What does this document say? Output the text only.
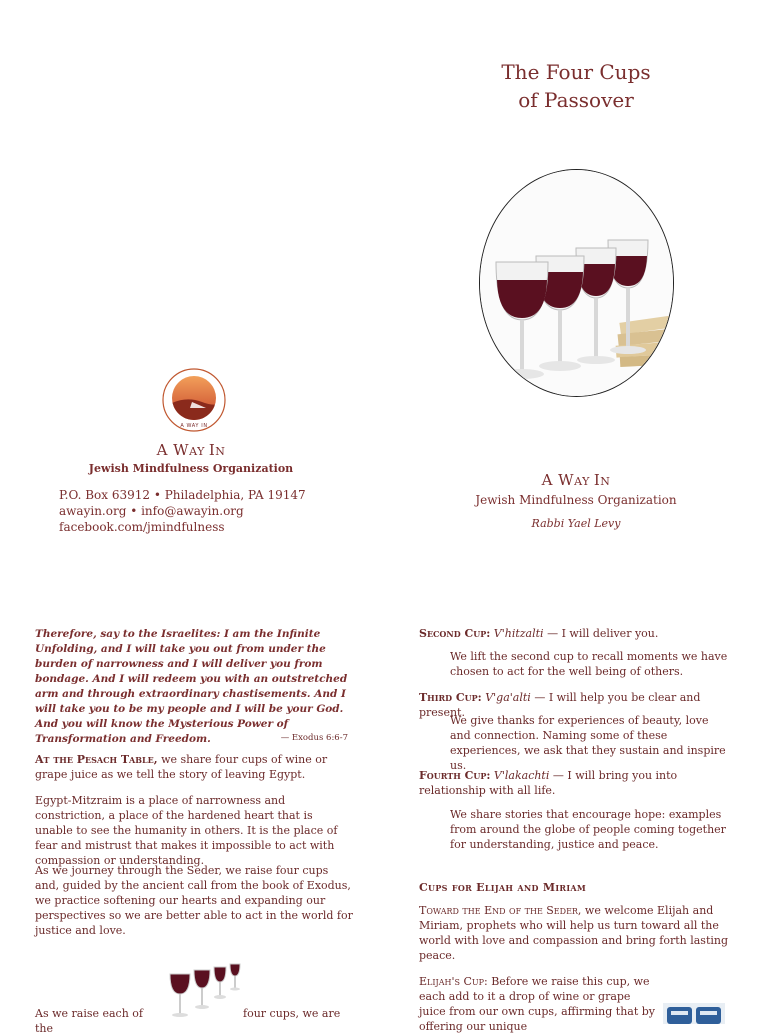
The Four Cups
of Passover
A WAY IN
Jewish Mindfulness Organization
Rabbi Yael Levy
A WAY IN
A WAY IN
Jewish Mindfulness Organization
P.O. Box 63912 • Philadelphia, PA 19147
awayin.org • info@awayin.org
facebook.com/jmindfulness
Therefore, say to the Israelites: I am the Infinite Unfolding, and I will take you out from under the burden of narrowness and I will deliver you from bondage. And I will redeem you with an outstretched arm and through extraordinary chastisements. And I will take you to be my people and I will be your God. And you will know the Mysterious Power of Transformation and Freedom.	— Exodus 6:6-7
At the Pesach Table, we share four cups of wine or grape juice as we tell the story of leaving Egypt.
Egypt-Mitzraim is a place of narrowness and constriction, a place of the hardened heart that is unable to see the humanity in others. It is the place of fear and mistrust that makes it impossible to act with compassion or understanding.
As we journey through the Seder, we raise four cups and, guided by the ancient call from the book of Exodus, we practice softening our hearts and expanding our perspectives so we are better able to act in the world for justice and love.
As we raise each of the
four cups, we are
Second Cup: V'hitzalti — I will deliver you.
We lift the second cup to recall moments we have chosen to act for the well being of others.
Third Cup: V'ga'alti — I will help you be clear and present.
We give thanks for experiences of beauty, love and connection. Naming some of these experiences, we ask that they sustain and inspire us.
Fourth Cup: V'lakachti — I will bring you into relationship with all life.
We share stories that encourage hope: examples from around the globe of people coming together for understanding, justice and peace.
Cups for Elijah and Miriam
Toward the End of the Seder, we welcome Elijah and Miriam, prophets who will help us turn toward all the world with love and compassion and bring forth lasting peace.
Elijah's Cup: Before we raise this cup, we each add to it a drop of wine or grape juice from our own cups, affirming that by offering our unique
